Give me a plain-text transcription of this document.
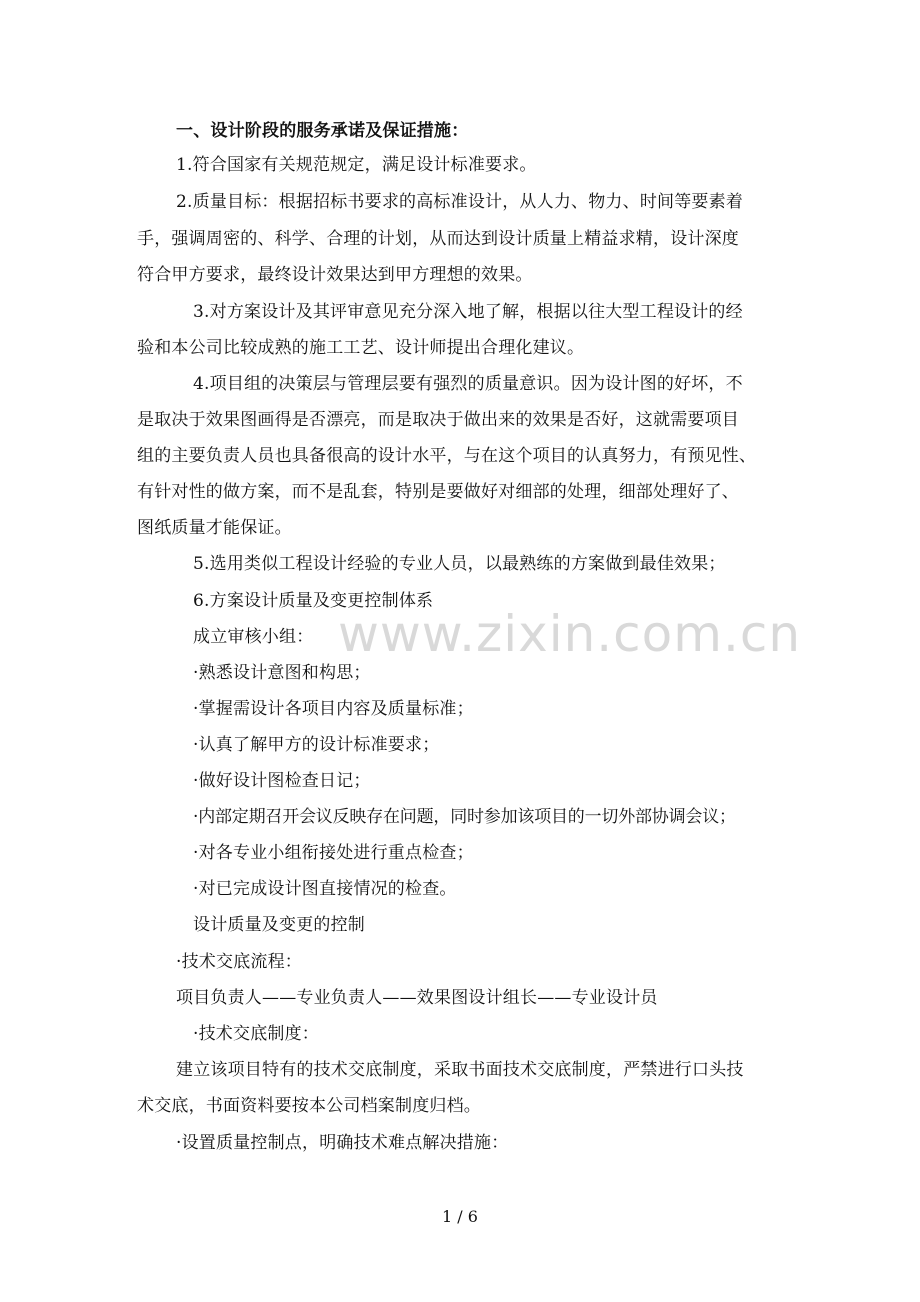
一、设计阶段的服务承诺及保证措施：
1.符合国家有关规范规定，满足设计标准要求。
2.质量目标：根据招标书要求的高标准设计，从人力、物力、时间等要素着
手，强调周密的、科学、合理的计划，从而达到设计质量上精益求精，设计深度
符合甲方要求，最终设计效果达到甲方理想的效果。
3.对方案设计及其评审意见充分深入地了解，根据以往大型工程设计的经
验和本公司比较成熟的施工工艺、设计师提出合理化建议。
4.项目组的决策层与管理层要有强烈的质量意识。因为设计图的好坏，不
是取决于效果图画得是否漂亮，而是取决于做出来的效果是否好，这就需要项目
组的主要负责人员也具备很高的设计水平，与在这个项目的认真努力，有预见性、
有针对性的做方案，而不是乱套，特别是要做好对细部的处理，细部处理好了、
图纸质量才能保证。
5.选用类似工程设计经验的专业人员，以最熟练的方案做到最佳效果；
6.方案设计质量及变更控制体系
成立审核小组：
·熟悉设计意图和构思；
·掌握需设计各项目内容及质量标准；
·认真了解甲方的设计标准要求；
·做好设计图检查日记；
·内部定期召开会议反映存在问题，同时参加该项目的一切外部协调会议；
·对各专业小组衔接处进行重点检查；
·对已完成设计图直接情况的检查。
设计质量及变更的控制
·技术交底流程：
项目负责人——专业负责人——效果图设计组长——专业设计员
·技术交底制度：
建立该项目特有的技术交底制度，采取书面技术交底制度，严禁进行口头技
术交底，书面资料要按本公司档案制度归档。
·设置质量控制点，明确技术难点解决措施：
www.zixin.com.cn
1 / 6
